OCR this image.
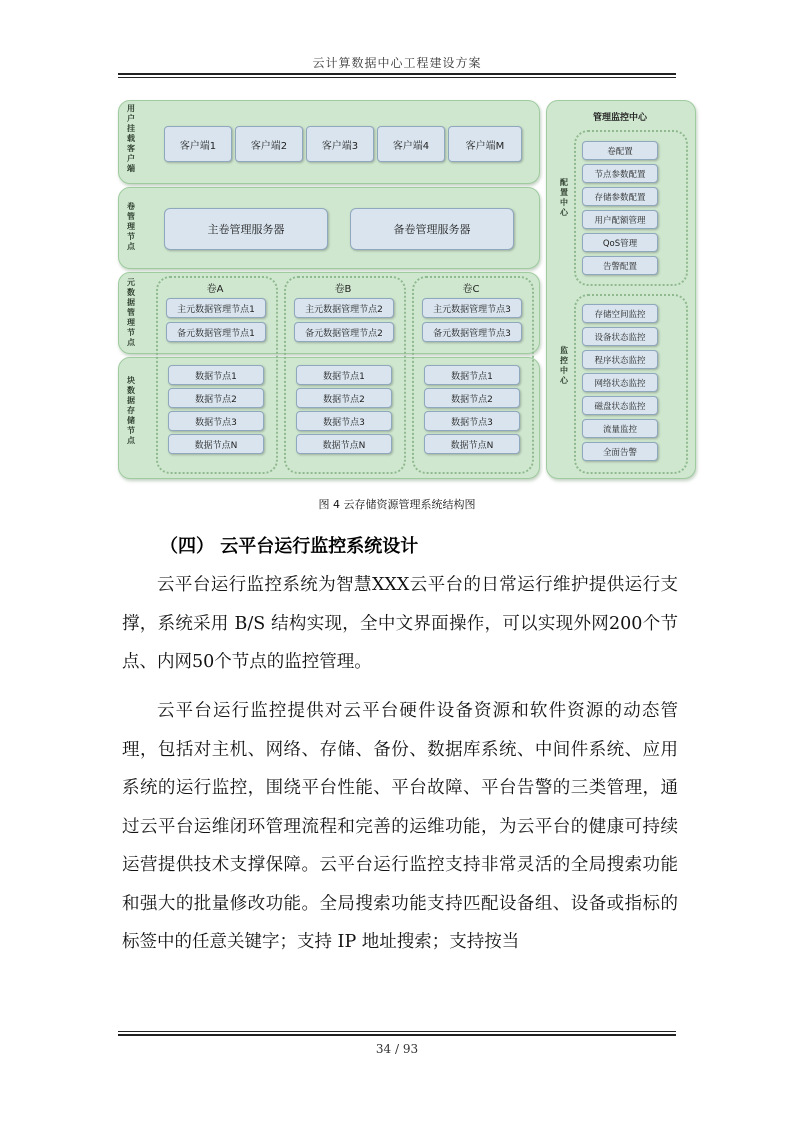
云计算数据中心工程建设方案
用户挂载客户端
客户端1	客户端2	客户端3	客户端4	客户端M
卷管理节点
主卷管理服务器	备卷管理服务器
元数据管理节点
块数据存储节点
卷A
主元数据管理节点1
备元数据管理节点1
数据节点1
数据节点2
数据节点3
数据节点N
卷B
主元数据管理节点2
备元数据管理节点2
数据节点1
数据节点2
数据节点3
数据节点N
卷C
主元数据管理节点3
备元数据管理节点3
数据节点1
数据节点2
数据节点3
数据节点N
管理监控中心
配置中心
卷配置
节点参数配置
存储参数配置
用户配额管理
QoS管理
告警配置
监控中心
存储空间监控
设备状态监控
程序状态监控
网络状态监控
磁盘状态监控
流量监控
全面告警
图 4 云存储资源管理系统结构图
（四） 云平台运行监控系统设计
云平台运行监控系统为智慧XXX云平台的日常运行维护提供运行支撑，系统采用 B/S 结构实现，全中文界面操作，可以实现外网200个节点、内网50个节点的监控管理。
云平台运行监控提供对云平台硬件设备资源和软件资源的动态管理，包括对主机、网络、存储、备份、数据库系统、中间件系统、应用系统的运行监控，围绕平台性能、平台故障、平台告警的三类管理，通过云平台运维闭环管理流程和完善的运维功能，为云平台的健康可持续运营提供技术支撑保障。云平台运行监控支持非常灵活的全局搜索功能和强大的批量修改功能。全局搜索功能支持匹配设备组、设备或指标的标签中的任意关键字；支持 IP 地址搜索；支持按当
34 / 93
